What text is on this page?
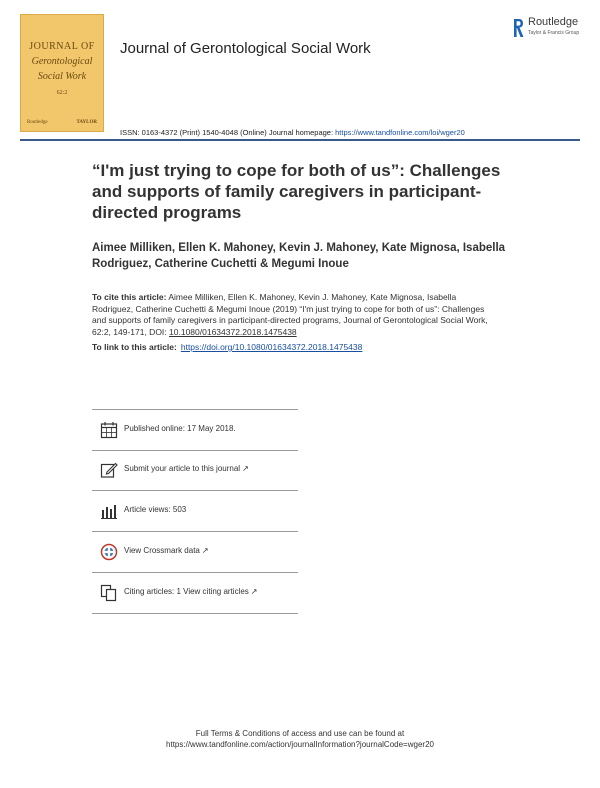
JOURNAL OF
Gerontological
Social Work
62:2
Routledge	TAYLOR
Journal of Gerontological Social Work
Routledge
Taylor & Francis Group
ISSN: 0163-4372 (Print) 1540-4048 (Online) Journal homepage: https://www.tandfonline.com/loi/wger20
“I'm just trying to cope for both of us”: Challenges and supports of family caregivers in participant-directed programs
Aimee Milliken, Ellen K. Mahoney, Kevin J. Mahoney, Kate Mignosa, Isabella Rodriguez, Catherine Cuchetti & Megumi Inoue
To cite this article: Aimee Milliken, Ellen K. Mahoney, Kevin J. Mahoney, Kate Mignosa, Isabella Rodriguez, Catherine Cuchetti & Megumi Inoue (2019) “I'm just trying to cope for both of us”: Challenges and supports of family caregivers in participant-directed programs, Journal of Gerontological Social Work, 62:2, 149-171, DOI: 10.1080/01634372.2018.1475438
To link to this article: https://doi.org/10.1080/01634372.2018.1475438
Published online: 17 May 2018.
Submit your article to this journal ↗
Article views: 503
View Crossmark data ↗
Citing articles: 1 View citing articles ↗
Full Terms & Conditions of access and use can be found at
https://www.tandfonline.com/action/journalInformation?journalCode=wger20
